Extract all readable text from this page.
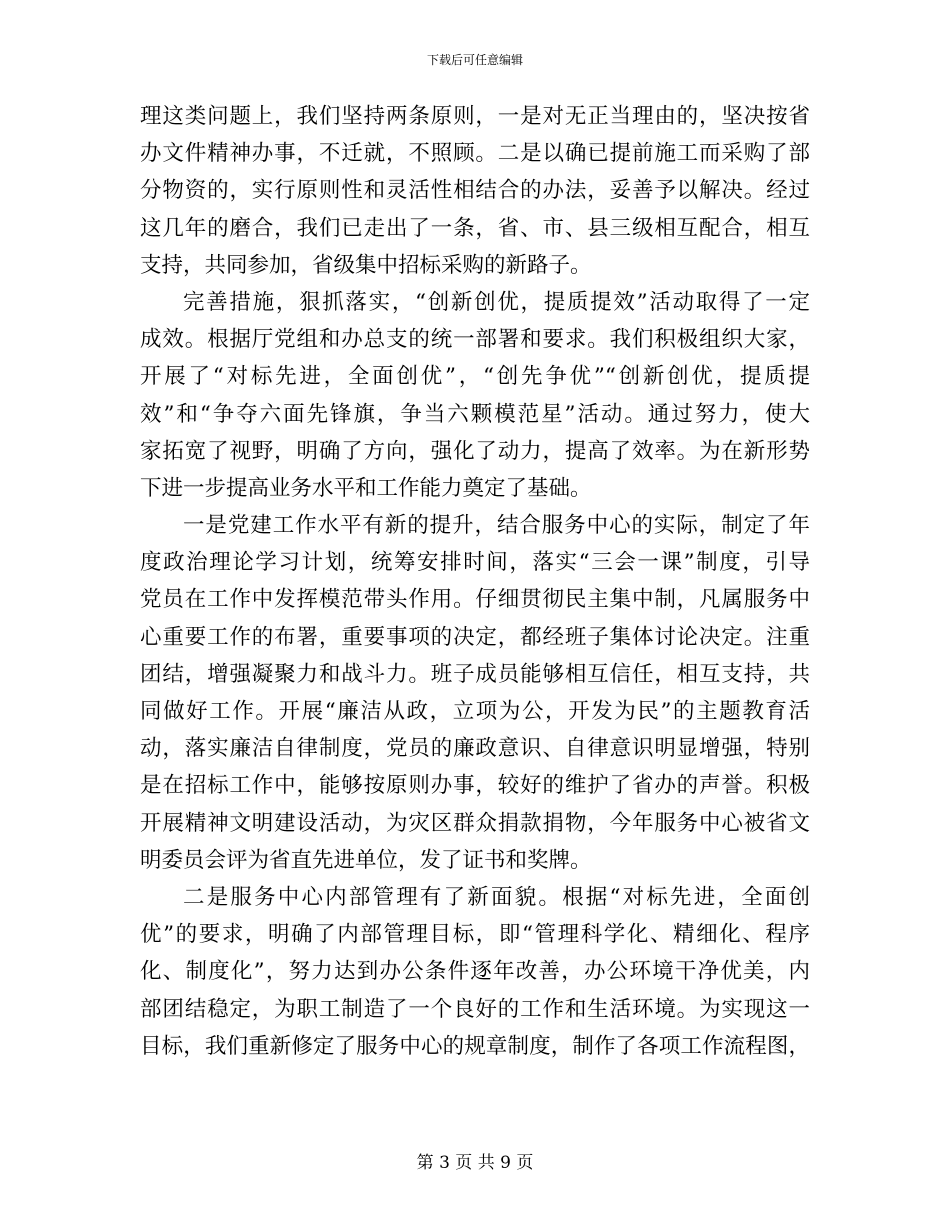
下载后可任意编辑
理这类问题上，我们坚持两条原则，一是对无正当理由的，坚决按省
办文件精神办事，不迁就，不照顾。二是以确已提前施工而采购了部
分物资的，实行原则性和灵活性相结合的办法，妥善予以解决。经过
这几年的磨合，我们已走出了一条，省、市、县三级相互配合，相互
支持，共同参加，省级集中招标采购的新路子。
完善措施，狠抓落实，“创新创优，提质提效”活动取得了一定
成效。根据厅党组和办总支的统一部署和要求。我们积极组织大家，
开展了“对标先进，全面创优”，“创先争优”“创新创优，提质提
效”和“争夺六面先锋旗，争当六颗模范星”活动。通过努力，使大
家拓宽了视野，明确了方向，强化了动力，提高了效率。为在新形势
下进一步提高业务水平和工作能力奠定了基础。
一是党建工作水平有新的提升，结合服务中心的实际，制定了年
度政治理论学习计划，统筹安排时间，落实“三会一课”制度，引导
党员在工作中发挥模范带头作用。仔细贯彻民主集中制，凡属服务中
心重要工作的布署，重要事项的决定，都经班子集体讨论决定。注重
团结，增强凝聚力和战斗力。班子成员能够相互信任，相互支持，共
同做好工作。开展“廉洁从政，立项为公，开发为民”的主题教育活
动，落实廉洁自律制度，党员的廉政意识、自律意识明显增强，特别
是在招标工作中，能够按原则办事，较好的维护了省办的声誉。积极
开展精神文明建设活动，为灾区群众捐款捐物，今年服务中心被省文
明委员会评为省直先进单位，发了证书和奖牌。
二是服务中心内部管理有了新面貌。根据“对标先进，全面创
优”的要求，明确了内部管理目标，即“管理科学化、精细化、程序
化、制度化”，努力达到办公条件逐年改善，办公环境干净优美，内
部团结稳定，为职工制造了一个良好的工作和生活环境。为实现这一
目标，我们重新修定了服务中心的规章制度，制作了各项工作流程图，
第 3 页 共 9 页
